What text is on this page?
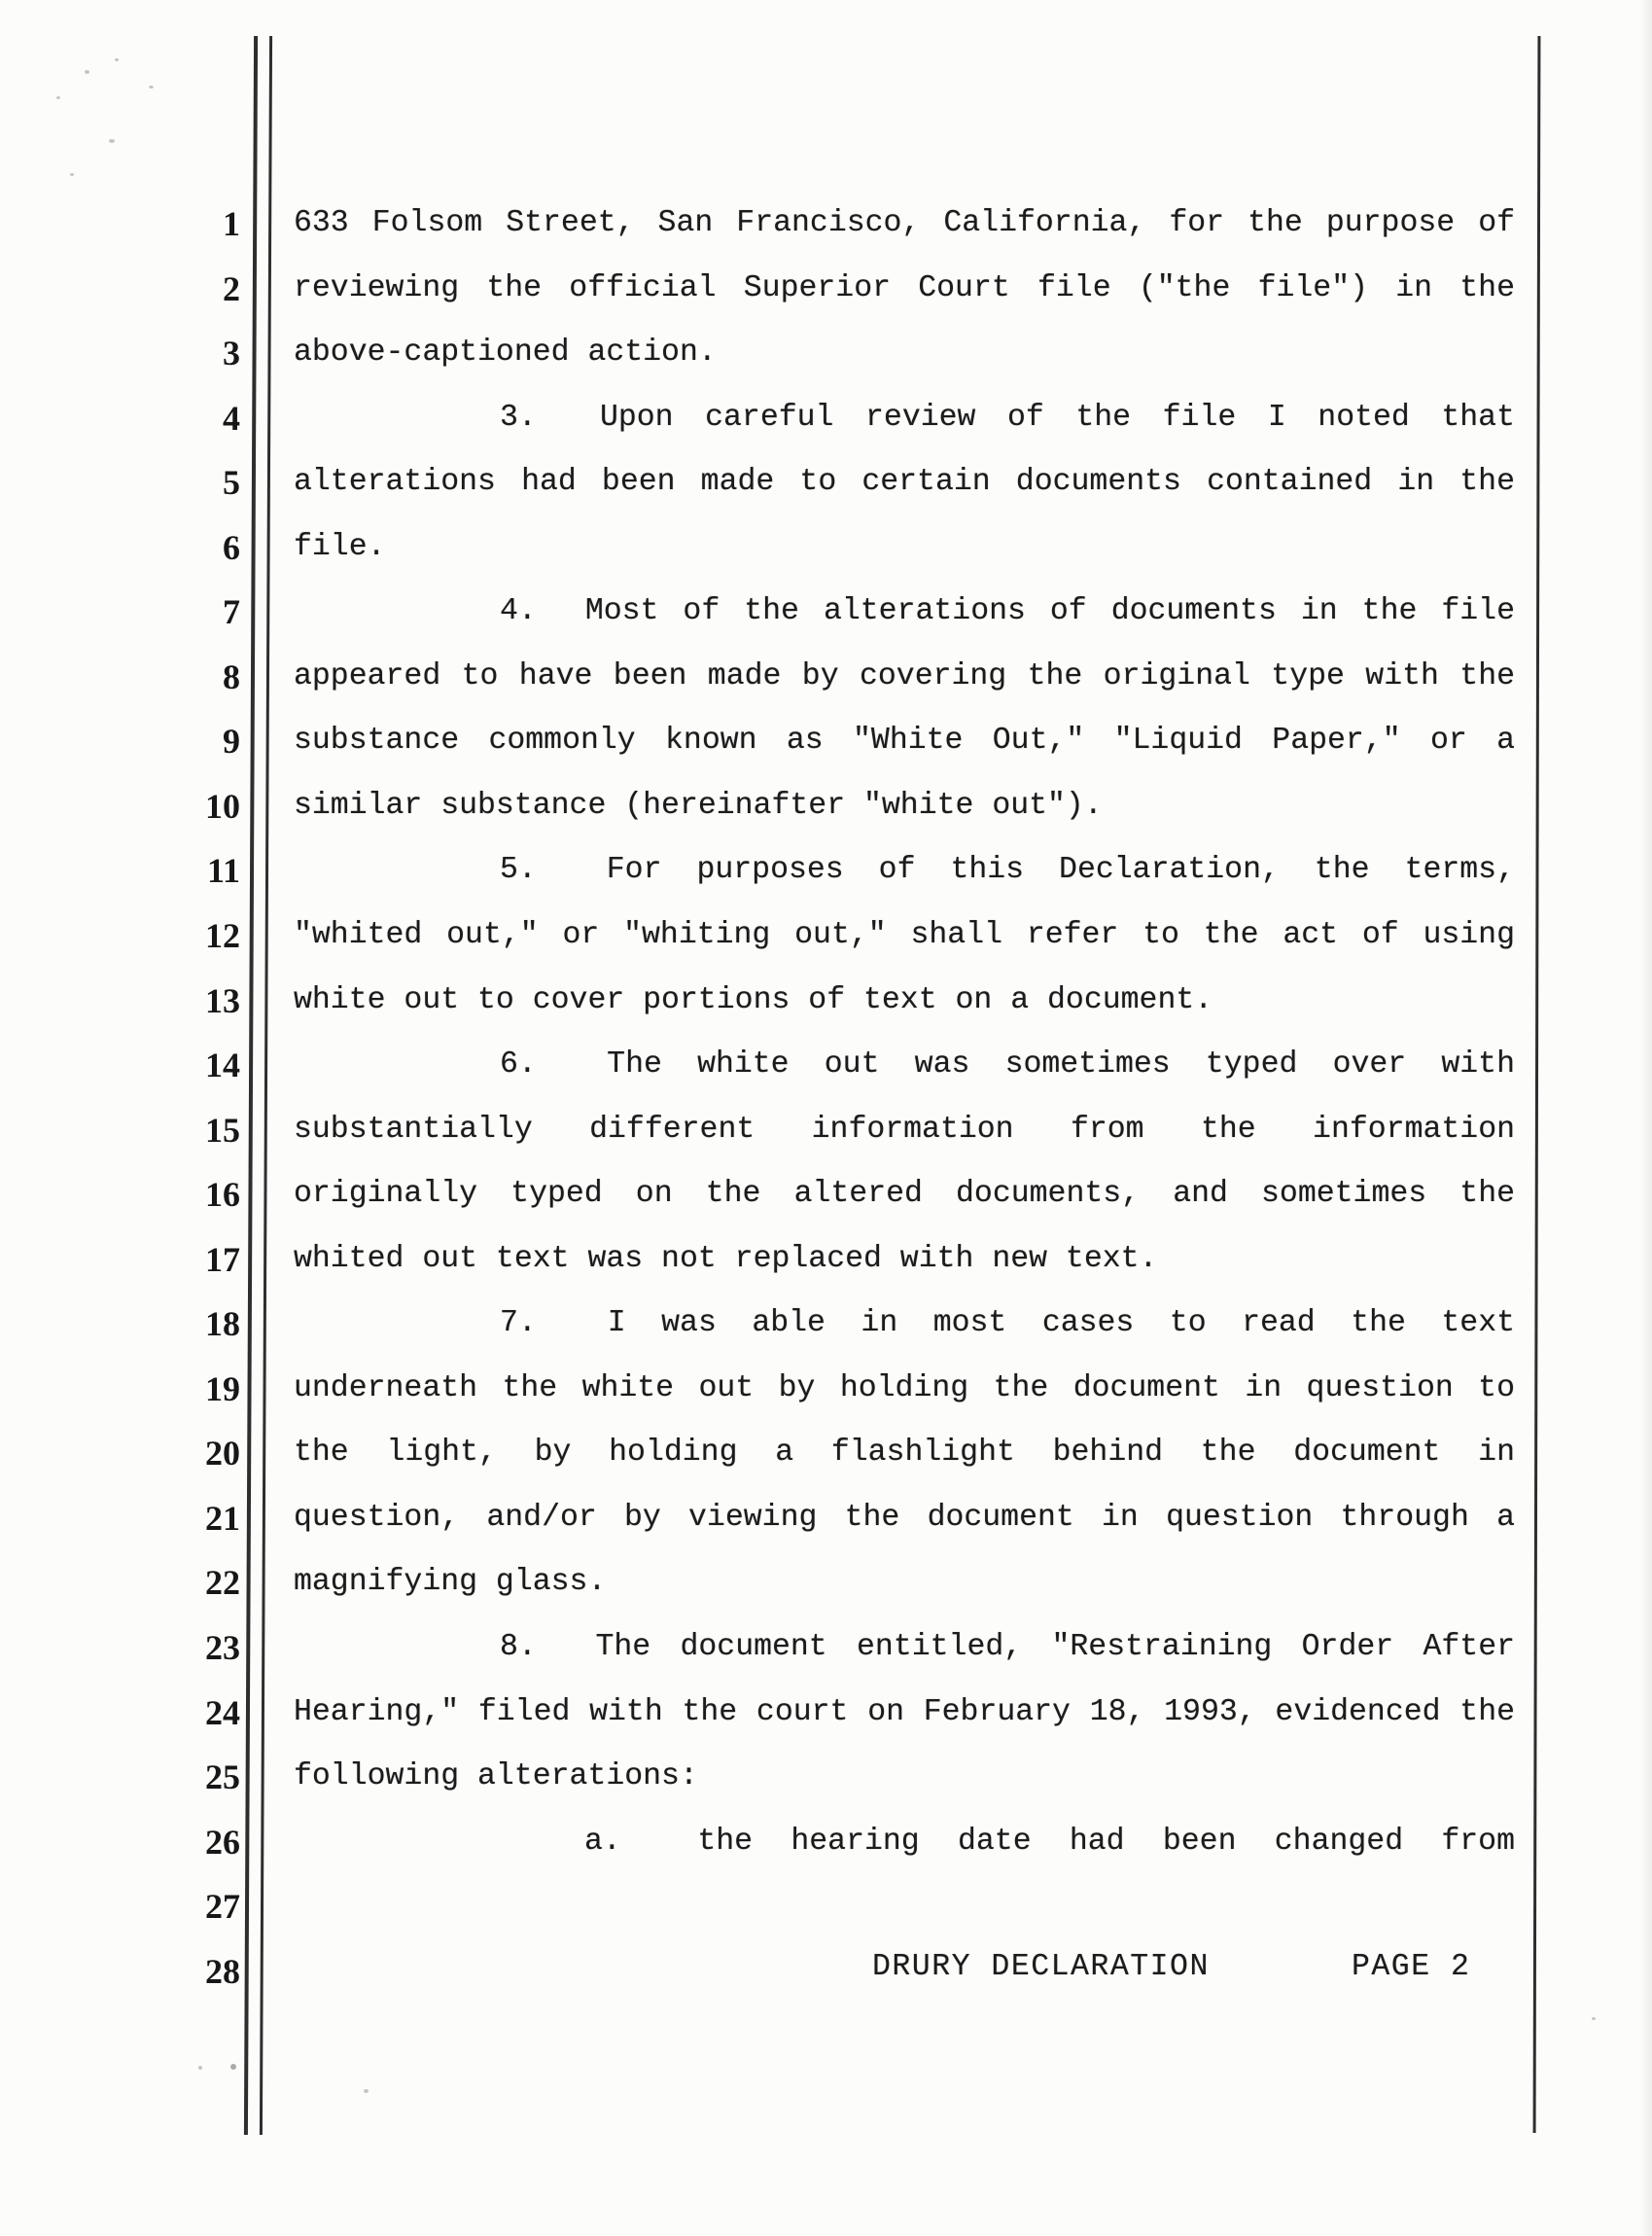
1 633 Folsom Street, San Francisco, California, for the purpose of
2 reviewing the official Superior Court file ("the file") in the
3 above-captioned action.
4	3.  Upon careful review of the file I noted that
5 alterations had been made to certain documents contained in the
6 file.
7	4.  Most of the alterations of documents in the file
8 appeared to have been made by covering the original type with the
9 substance commonly known as "White Out," "Liquid Paper," or a
10 similar substance (hereinafter "white out").
11	5.  For purposes of this Declaration, the terms,
12 "whited out," or "whiting out," shall refer to the act of using
13 white out to cover portions of text on a document.
14	6.  The white out was sometimes typed over with
15 substantially different information from the information
16 originally typed on the altered documents, and sometimes the
17 whited out text was not replaced with new text.
18	7.  I was able in most cases to read the text
19 underneath the white out by holding the document in question to
20 the light, by holding a flashlight behind the document in
21 question, and/or by viewing the document in question through a
22 magnifying glass.
23	8.  The document entitled, "Restraining Order After
24 Hearing," filed with the court on February 18, 1993, evidenced the
25 following alterations:
26	a.  the hearing date had been changed from
27
28	DRURY DECLARATION	PAGE 2
